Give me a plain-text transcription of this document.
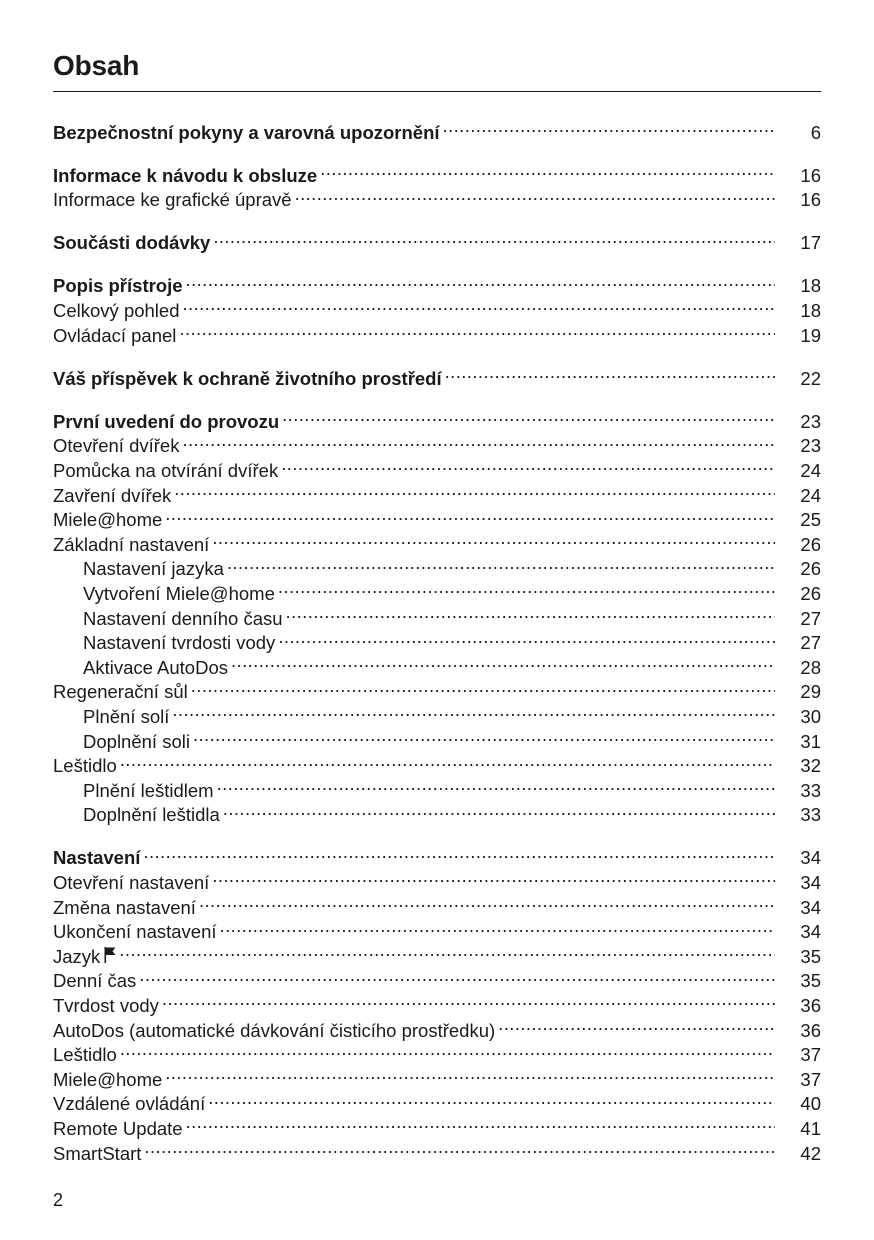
Obsah
Bezpečnostní pokyny a varovná upozornění .....	6
Informace k návodu k obsluze .....	16
Informace ke grafické úpravě .....	16
Součásti dodávky .....	17
Popis přístroje .....	18
Celkový pohled .....	18
Ovládací panel .....	19
Váš příspěvek k ochraně životního prostředí .....	22
První uvedení do provozu .....	23
Otevření dvířek .....	23
Pomůcka na otvírání dvířek .....	24
Zavření dvířek .....	24
Miele@home .....	25
Základní nastavení .....	26
Nastavení jazyka .....	26
Vytvoření Miele@home .....	26
Nastavení denního času .....	27
Nastavení tvrdosti vody .....	27
Aktivace AutoDos .....	28
Regenerační sůl .....	29
Plnění solí .....	30
Doplnění soli .....	31
Leštidlo .....	32
Plnění leštidlem .....	33
Doplnění leštidla .....	33
Nastavení .....	34
Otevření nastavení .....	34
Změna nastavení .....	34
Ukončení nastavení .....	34
Jazyk .....	35
Denní čas .....	35
Tvrdost vody .....	36
AutoDos (automatické dávkování čisticího prostředku) .....	36
Leštidlo .....	37
Miele@home .....	37
Vzdálené ovládání .....	40
Remote Update .....	41
SmartStart .....	42
2
